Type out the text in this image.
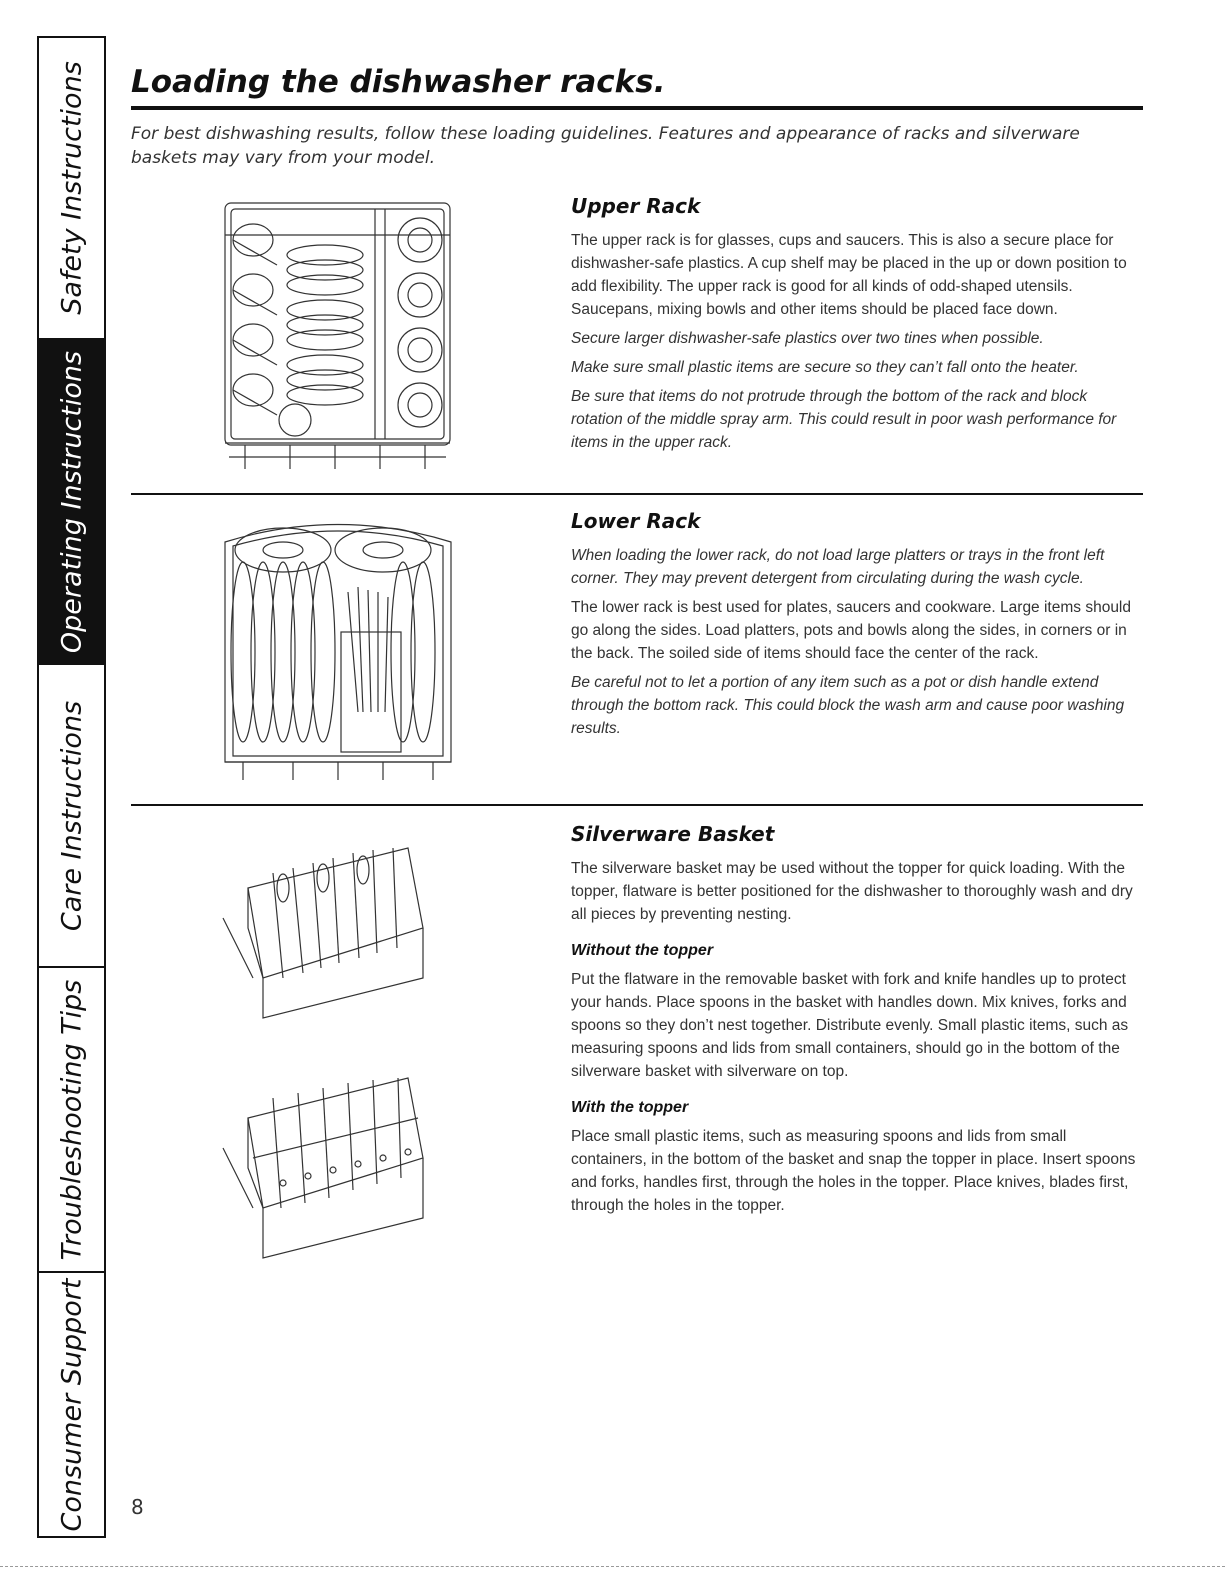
Safety Instructions
Operating Instructions
Care Instructions
Troubleshooting Tips
Consumer Support
Loading the dishwasher racks.

For best dishwashing results, follow these loading guidelines. Features and appearance of racks and silverware baskets may vary from your model.

Upper Rack

The upper rack is for glasses, cups and saucers. This is also a secure place for dishwasher-safe plastics. A cup shelf may be placed in the up or down position to add flexibility. The upper rack is good for all kinds of odd-shaped utensils. Saucepans, mixing bowls and other items should be placed face down.

Secure larger dishwasher-safe plastics over two tines when possible.

Make sure small plastic items are secure so they can’t fall onto the heater.

Be sure that items do not protrude through the bottom of the rack and block rotation of the middle spray arm. This could result in poor wash performance for items in the upper rack.

Lower Rack

When loading the lower rack, do not load large platters or trays in the front left corner. They may prevent detergent from circulating during the wash cycle.

The lower rack is best used for plates, saucers and cookware. Large items should go along the sides. Load platters, pots and bowls along the sides, in corners or in the back. The soiled side of items should face the center of the rack.

Be careful not to let a portion of any item such as a pot or dish handle extend through the bottom rack. This could block the wash arm and cause poor washing results.

Silverware Basket

The silverware basket may be used without the topper for quick loading. With the topper, flatware is better positioned for the dishwasher to thoroughly wash and dry all pieces by preventing nesting.

Without the topper

Put the flatware in the removable basket with fork and knife handles up to protect your hands. Place spoons in the basket with handles down. Mix knives, forks and spoons so they don’t nest together. Distribute evenly. Small plastic items, such as measuring spoons and lids from small containers, should go in the bottom of the silverware basket with silverware on top.

With the topper

Place small plastic items, such as measuring spoons and lids from small containers, in the bottom of the basket and snap the topper in place. Insert spoons and forks, handles first, through the holes in the topper. Place knives, blades first, through the holes in the topper.

8
